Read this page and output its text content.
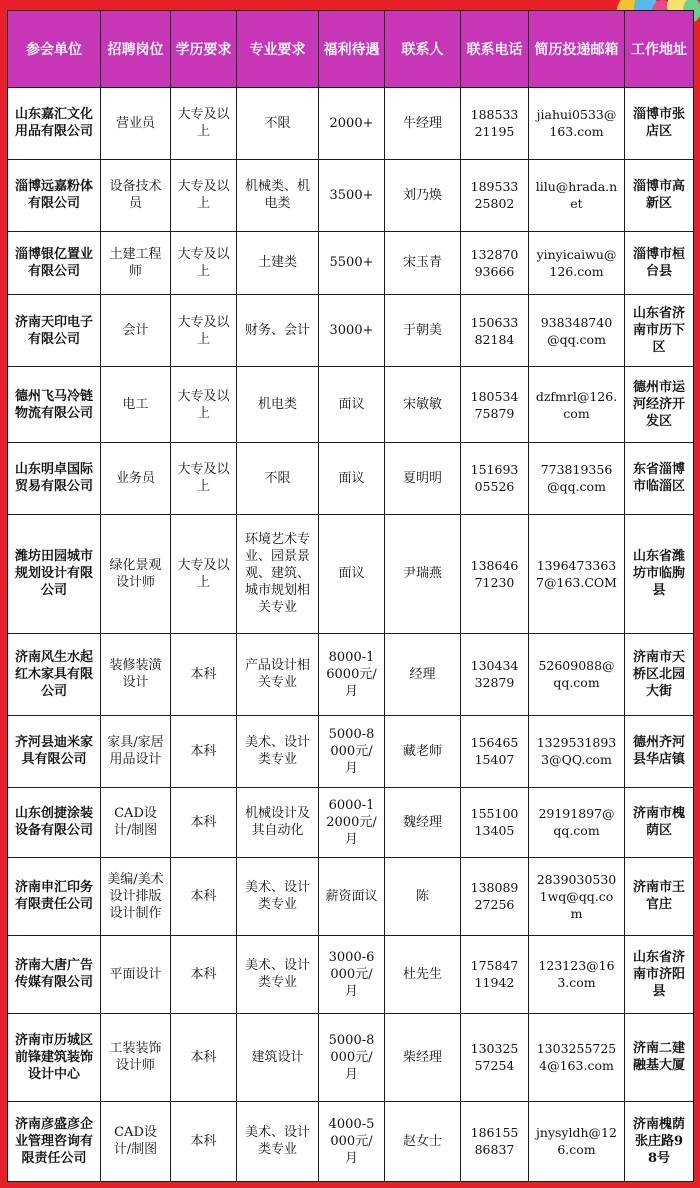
参会单位	招聘岗位	学历要求	专业要求	福利待遇	联系人	联系电话	简历投递邮箱	工作地址
山东嘉汇文化用品有限公司	营业员	大专及以上	不限	2000+	牛经理	18853321195	jiahui0533@163.com	淄博市张店区
淄博远嘉粉体有限公司	设备技术员	大专及以上	机械类、机电类	3500+	刘乃焕	18953325802	lilu@hrada.net	淄博市高新区
淄博银亿置业有限公司	土建工程师	大专及以上	土建类	5500+	宋玉青	13287093666	yinyicaiwu@126.com	淄博市桓台县
济南天印电子有限公司	会计	大专及以上	财务、会计	3000+	于朝美	15063382184	938348740@qq.com	山东省济南市历下区
德州飞马冷链物流有限公司	电工	大专及以上	机电类	面议	宋敏敏	18053475879	dzfmrl@126.com	德州市运河经济开发区
山东明卓国际贸易有限公司	业务员	大专及以上	不限	面议	夏明明	15169305526	773819356@qq.com	东省淄博市临淄区
潍坊田园城市规划设计有限公司	绿化景观设计师	大专及以上	环境艺术专业、园景景观、建筑、城市规划相关专业	面议	尹瑞燕	13864671230	13964733637@163.COM	山东省潍坊市临朐县
济南风生水起红木家具有限公司	装修装潢设计	本科	产品设计相关专业	8000-16000元/月	经理	13043432879	52609088@qq.com	济南市天桥区北园大街
齐河县迪米家具有限公司	家具/家居用品设计	本科	美术、设计类专业	5000-8000元/月	藏老师	15646515407	13295318933@QQ.com	德州齐河县华店镇
山东创捷涂装设备有限公司	CAD设计/制图	本科	机械设计及其自动化	6000-12000元/月	魏经理	15510013405	29191897@qq.com	济南市槐荫区
济南申汇印务有限责任公司	美编/美术设计排版设计制作	本科	美术、设计类专业	薪资面议	陈	13808927256	28390305301wq@qq.com	济南市王官庄
济南大唐广告传媒有限公司	平面设计	本科	美术、设计类专业	3000-6000元/月	杜先生	17584711942	123123@163.com	山东省济南市济阳县
济南市历城区前锋建筑装饰设计中心	工装装饰设计师	本科	建筑设计	5000-8000元/月	柴经理	13032557254	13032557254@163.com	济南二建融基大厦
济南彦盛彦企业管理咨询有限责任公司	CAD设计/制图	本科	美术、设计类专业	4000-5000元/月	赵女士	18615586837	jnysyldh@126.com	济南槐荫张庄路98号
